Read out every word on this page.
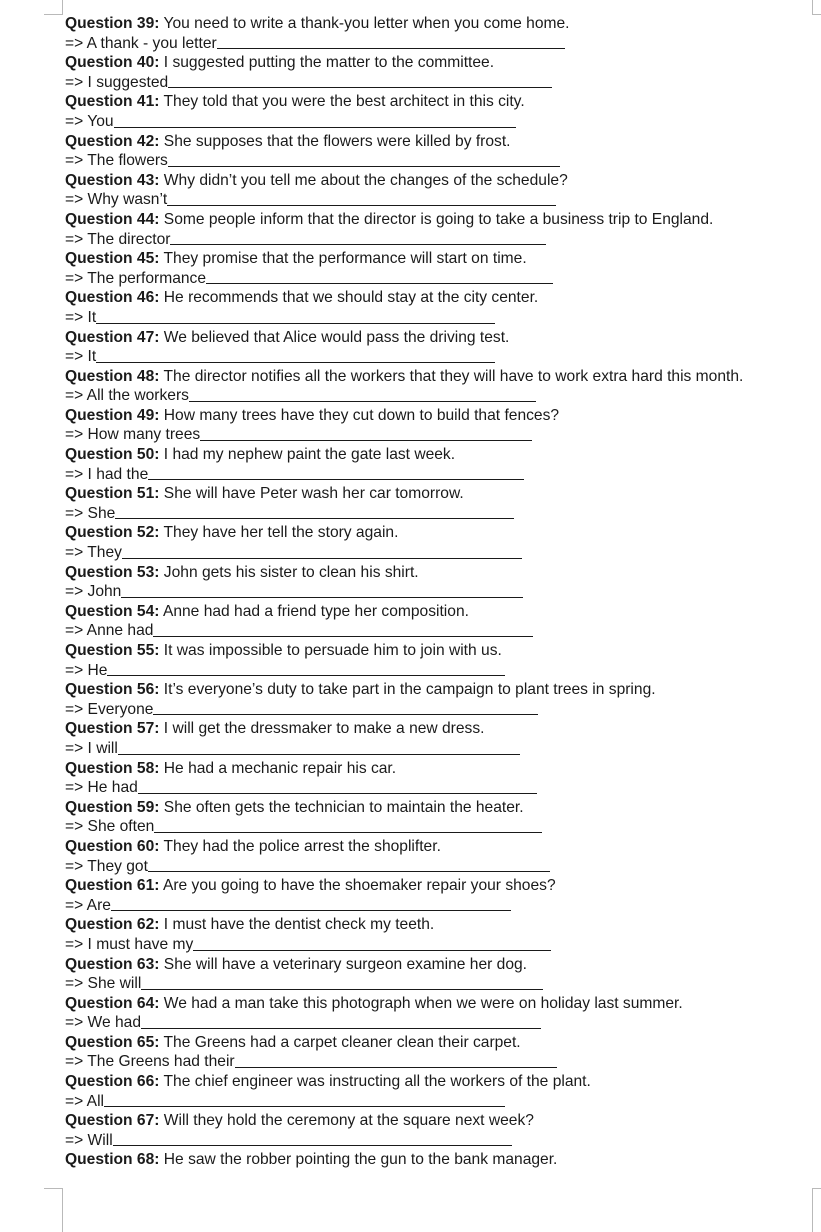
Question 39: You need to write a thank-you letter when you come home.
=> A thank - you letter
Question 40: I suggested putting the matter to the committee.
=> I suggested
Question 41: They told that you were the best architect in this city.
=> You
Question 42: She supposes that the flowers were killed by frost.
=> The flowers
Question 43: Why didn’t you tell me about the changes of the schedule?
=> Why wasn’t
Question 44: Some people inform that the director is going to take a business trip to England.
=> The director
Question 45: They promise that the performance will start on time.
=> The performance
Question 46: He recommends that we should stay at the city center.
=> It
Question 47: We believed that Alice would pass the driving test.
=> It
Question 48: The director notifies all the workers that they will have to work extra hard this month.
=> All the workers
Question 49: How many trees have they cut down to build that fences?
=> How many trees
Question 50: I had my nephew paint the gate last week.
=> I had the
Question 51: She will have Peter wash her car tomorrow.
=> She
Question 52: They have her tell the story again.
=> They
Question 53: John gets his sister to clean his shirt.
=> John
Question 54: Anne had had a friend type her composition.
=> Anne had
Question 55: It was impossible to persuade him to join with us.
=> He
Question 56: It’s everyone’s duty to take part in the campaign to plant trees in spring.
=> Everyone
Question 57: I will get the dressmaker to make a new dress.
=> I will
Question 58: He had a mechanic repair his car.
=> He had
Question 59: She often gets the technician to maintain the heater.
=> She often
Question 60: They had the police arrest the shoplifter.
=> They got
Question 61: Are you going to have the shoemaker repair your shoes?
=> Are
Question 62: I must have the dentist check my teeth.
=> I must have my
Question 63: She will have a veterinary surgeon examine her dog.
=> She will
Question 64: We had a man take this photograph when we were on holiday last summer.
=> We had
Question 65: The Greens had a carpet cleaner clean their carpet.
=> The Greens had their
Question 66: The chief engineer was instructing all the workers of the plant.
=> All
Question 67: Will they hold the ceremony at the square next week?
=> Will
Question 68: He saw the robber pointing the gun to the bank manager.
